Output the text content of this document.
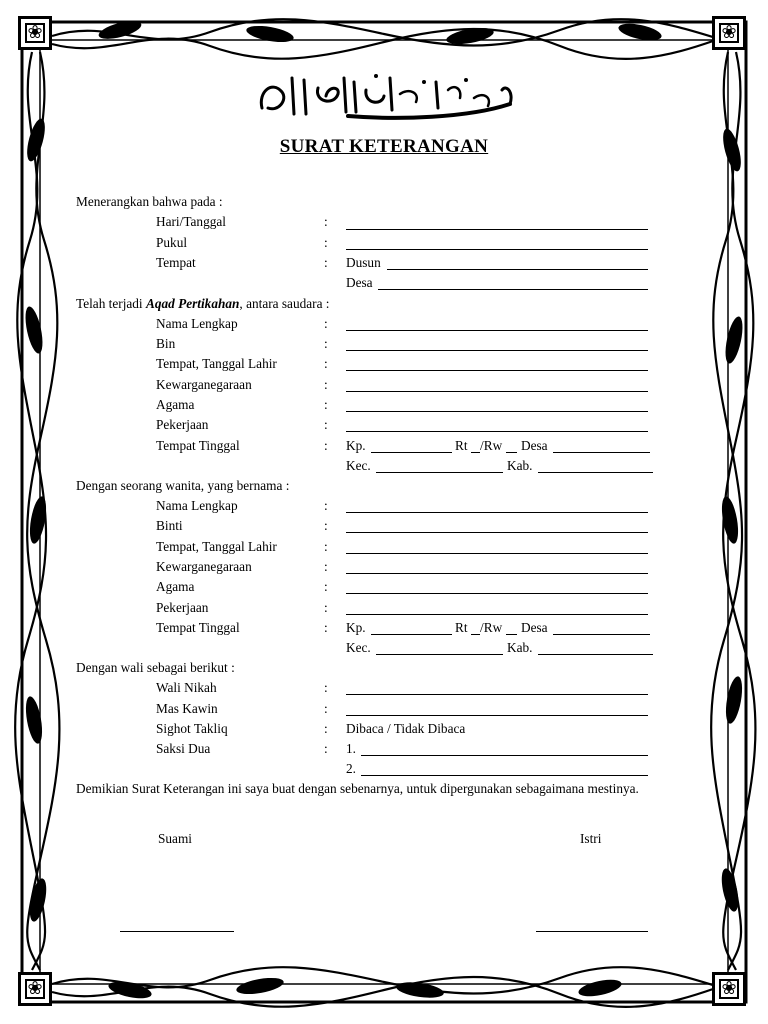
❀
❀
❀
❀
SURAT KETERANGAN
Menerangkan bahwa pada :
Hari/Tanggal	:
Pukul	:
Tempat	: Dusun
Desa
Telah terjadi Aqad Pertikahan, antara saudara :
Nama Lengkap	:
Bin	:
Tempat, Tanggal Lahir	:
Kewarganegaraan	:
Agama	:
Pekerjaan	:
Tempat Tinggal	: Kp.	Rt /Rw Desa
Kec.	Kab.
Dengan seorang wanita, yang bernama :
Nama Lengkap	:
Binti	:
Tempat, Tanggal Lahir	:
Kewarganegaraan	:
Agama	:
Pekerjaan	:
Tempat Tinggal	: Kp.	Rt /Rw Desa
Kec.	Kab.
Dengan wali sebagai berikut :
Wali Nikah	:
Mas Kawin	:
Sighot Takliq	: Dibaca / Tidak Dibaca
Saksi Dua	: 1.
2.
Demikian Surat Keterangan ini saya buat dengan sebenarnya, untuk dipergunakan sebagaimana mestinya.
Suami	Istri
